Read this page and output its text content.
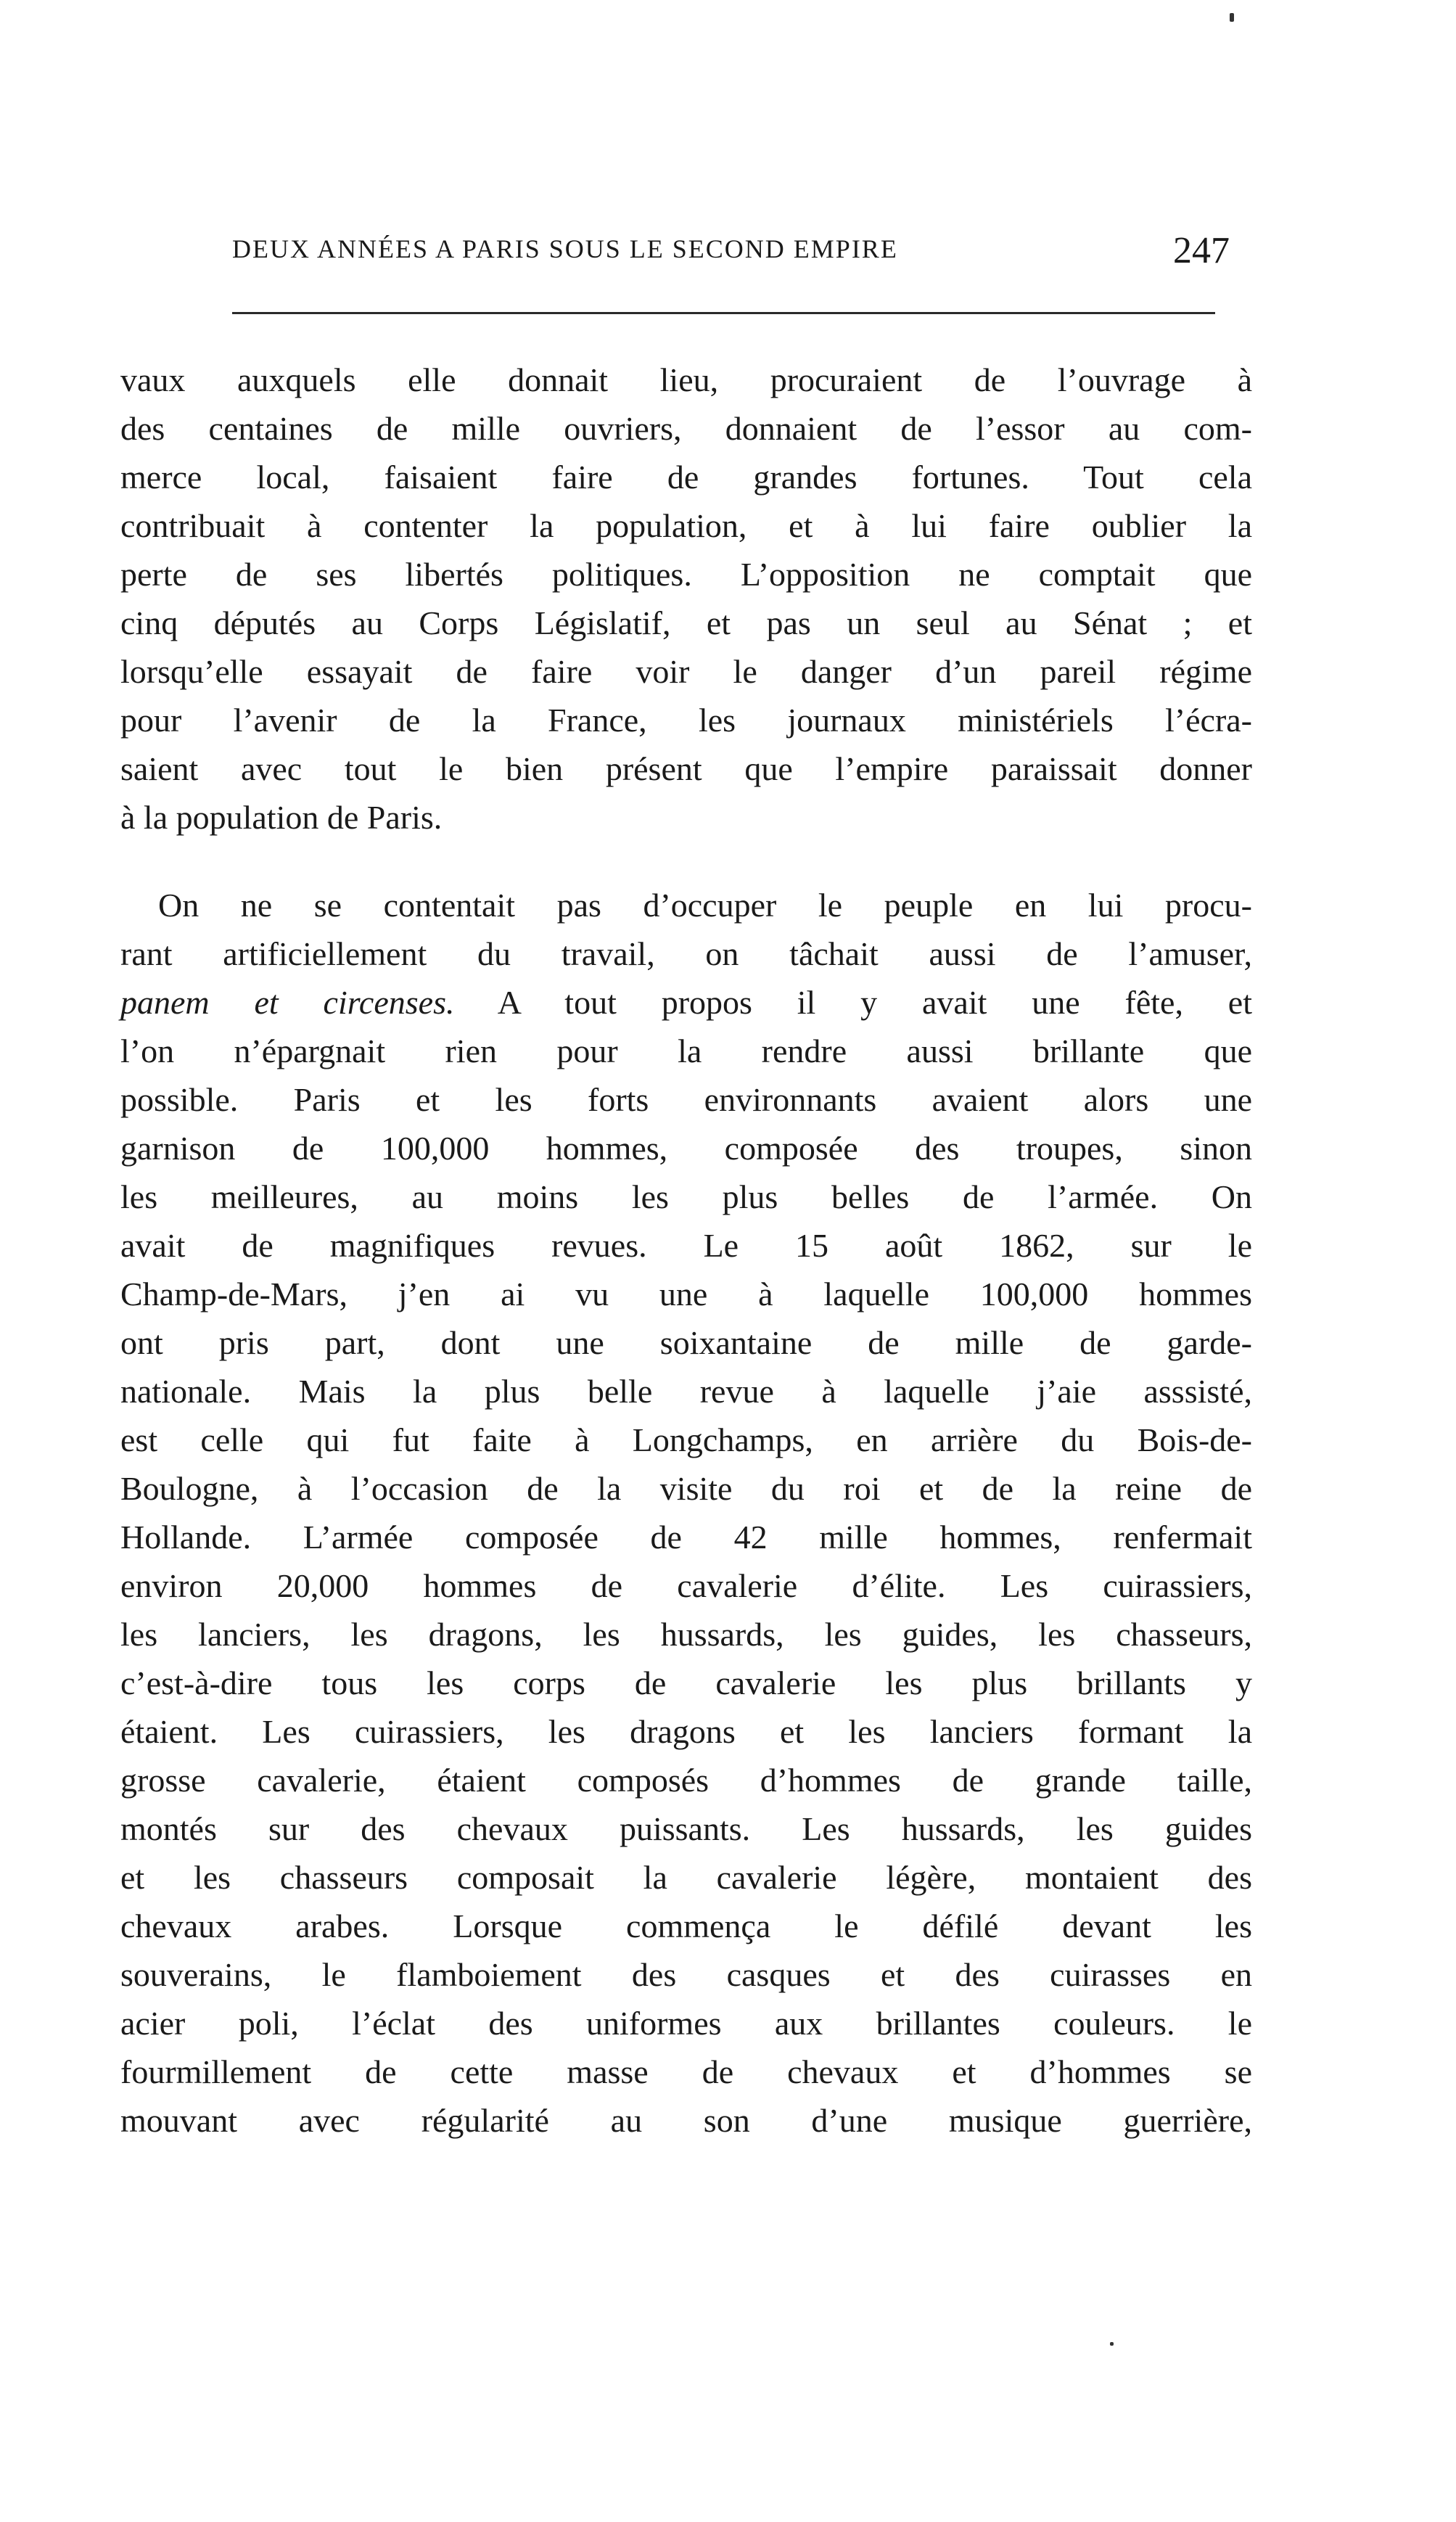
DEUX ANNÉES A PARIS SOUS LE SECOND EMPIRE	247
vaux auxquels elle donnait lieu, procuraient de l’ouvrage à
des centaines de mille ouvriers, donnaient de l’essor au com-
merce local, faisaient faire de grandes fortunes. Tout cela
contribuait à contenter la population, et à lui faire oublier la
perte de ses libertés politiques. L’opposition ne comptait que
cinq députés au Corps Législatif, et pas un seul au Sénat ; et
lorsqu’elle essayait de faire voir le danger d’un pareil régime
pour l’avenir de la France, les journaux ministériels l’écra-
saient avec tout le bien présent que l’empire paraissait donner
à la population de Paris.
On ne se contentait pas d’occuper le peuple en lui procu-
rant artificiellement du travail, on tâchait aussi de l’amuser,
panem et circenses. A tout propos il y avait une fête, et
l’on n’épargnait rien pour la rendre aussi brillante que
possible. Paris et les forts environnants avaient alors une
garnison de 100,000 hommes, composée des troupes, sinon
les meilleures, au moins les plus belles de l’armée. On
avait de magnifiques revues. Le 15 août 1862, sur le
Champ-de-Mars, j’en ai vu une à laquelle 100,000 hommes
ont pris part, dont une soixantaine de mille de garde-
nationale. Mais la plus belle revue à laquelle j’aie asssisté,
est celle qui fut faite à Longchamps, en arrière du Bois-de-
Boulogne, à l’occasion de la visite du roi et de la reine de
Hollande. L’armée composée de 42 mille hommes, renfermait
environ 20,000 hommes de cavalerie d’élite. Les cuirassiers,
les lanciers, les dragons, les hussards, les guides, les chasseurs,
c’est-à-dire tous les corps de cavalerie les plus brillants y
étaient. Les cuirassiers, les dragons et les lanciers formant la
grosse cavalerie, étaient composés d’hommes de grande taille,
montés sur des chevaux puissants. Les hussards, les guides
et les chasseurs composait la cavalerie légère, montaient des
chevaux arabes. Lorsque commença le défilé devant les
souverains, le flamboiement des casques et des cuirasses en
acier poli, l’éclat des uniformes aux brillantes couleurs. le
fourmillement de cette masse de chevaux et d’hommes se
mouvant avec régularité au son d’une musique guerrière,
